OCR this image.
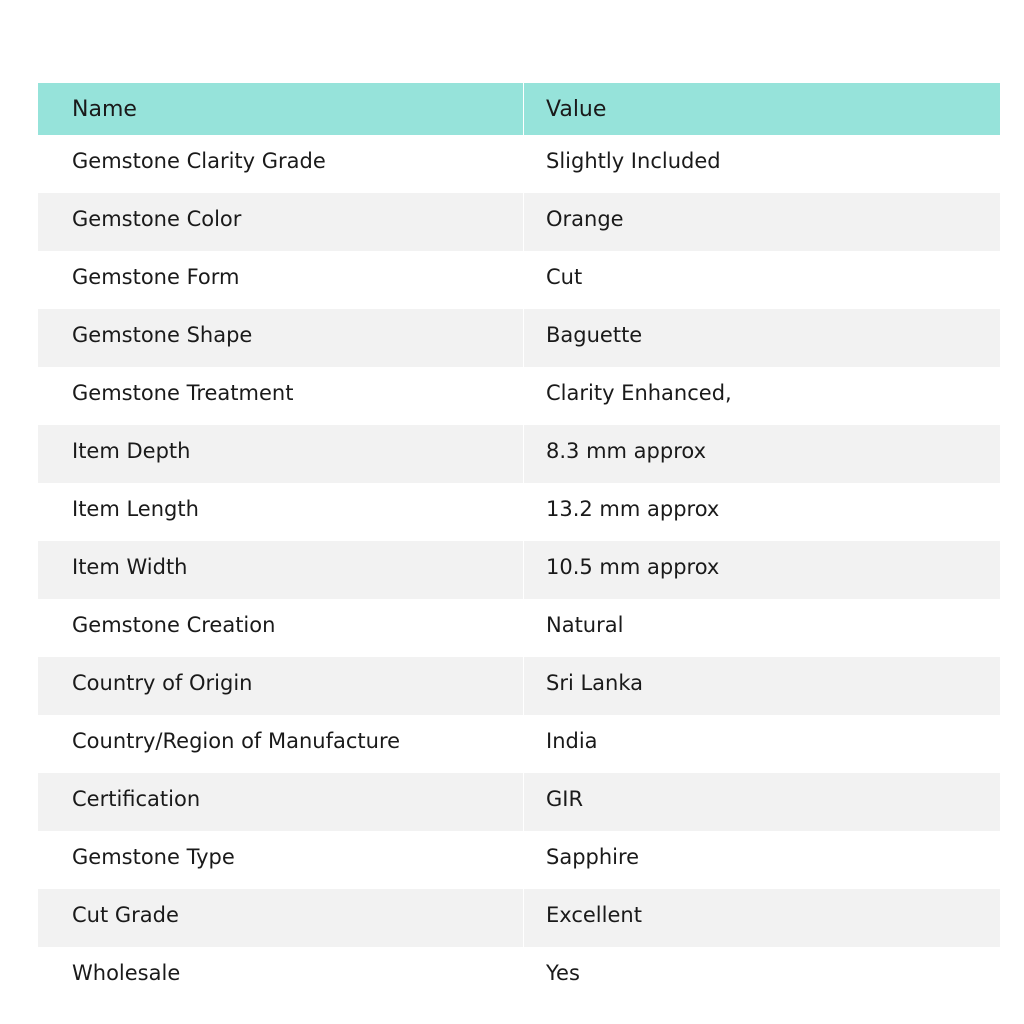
Name	Value
Gemstone Clarity Grade	Slightly Included
Gemstone Color	Orange
Gemstone Form	Cut
Gemstone Shape	Baguette
Gemstone Treatment	Clarity Enhanced,
Item Depth	8.3 mm approx
Item Length	13.2 mm approx
Item Width	10.5 mm approx
Gemstone Creation	Natural
Country of Origin	Sri Lanka
Country/Region of Manufacture	India
Certification	GIR
Gemstone Type	Sapphire
Cut Grade	Excellent
Wholesale	Yes
